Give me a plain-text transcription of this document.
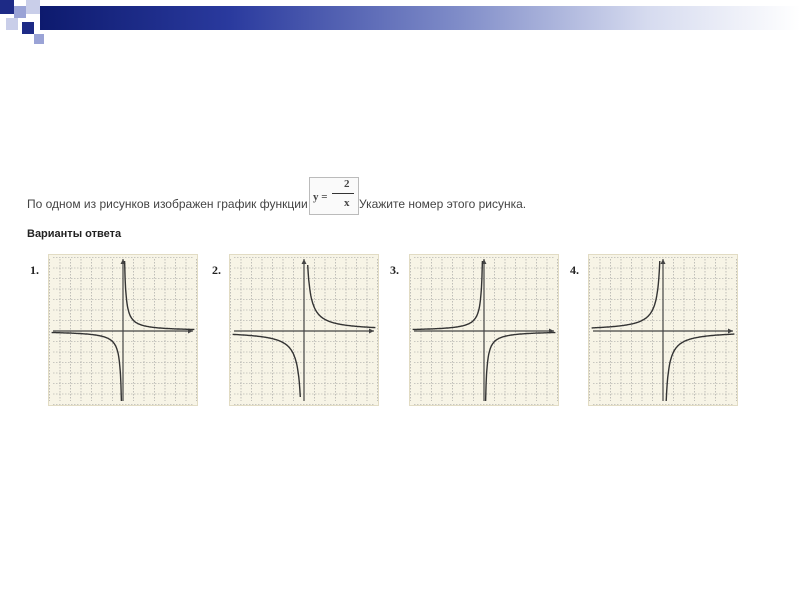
По одном из рисунков изображен график функции y =
2
x Укажите номер этого рисунка.
Варианты ответа
1.	2.	3.	4.
